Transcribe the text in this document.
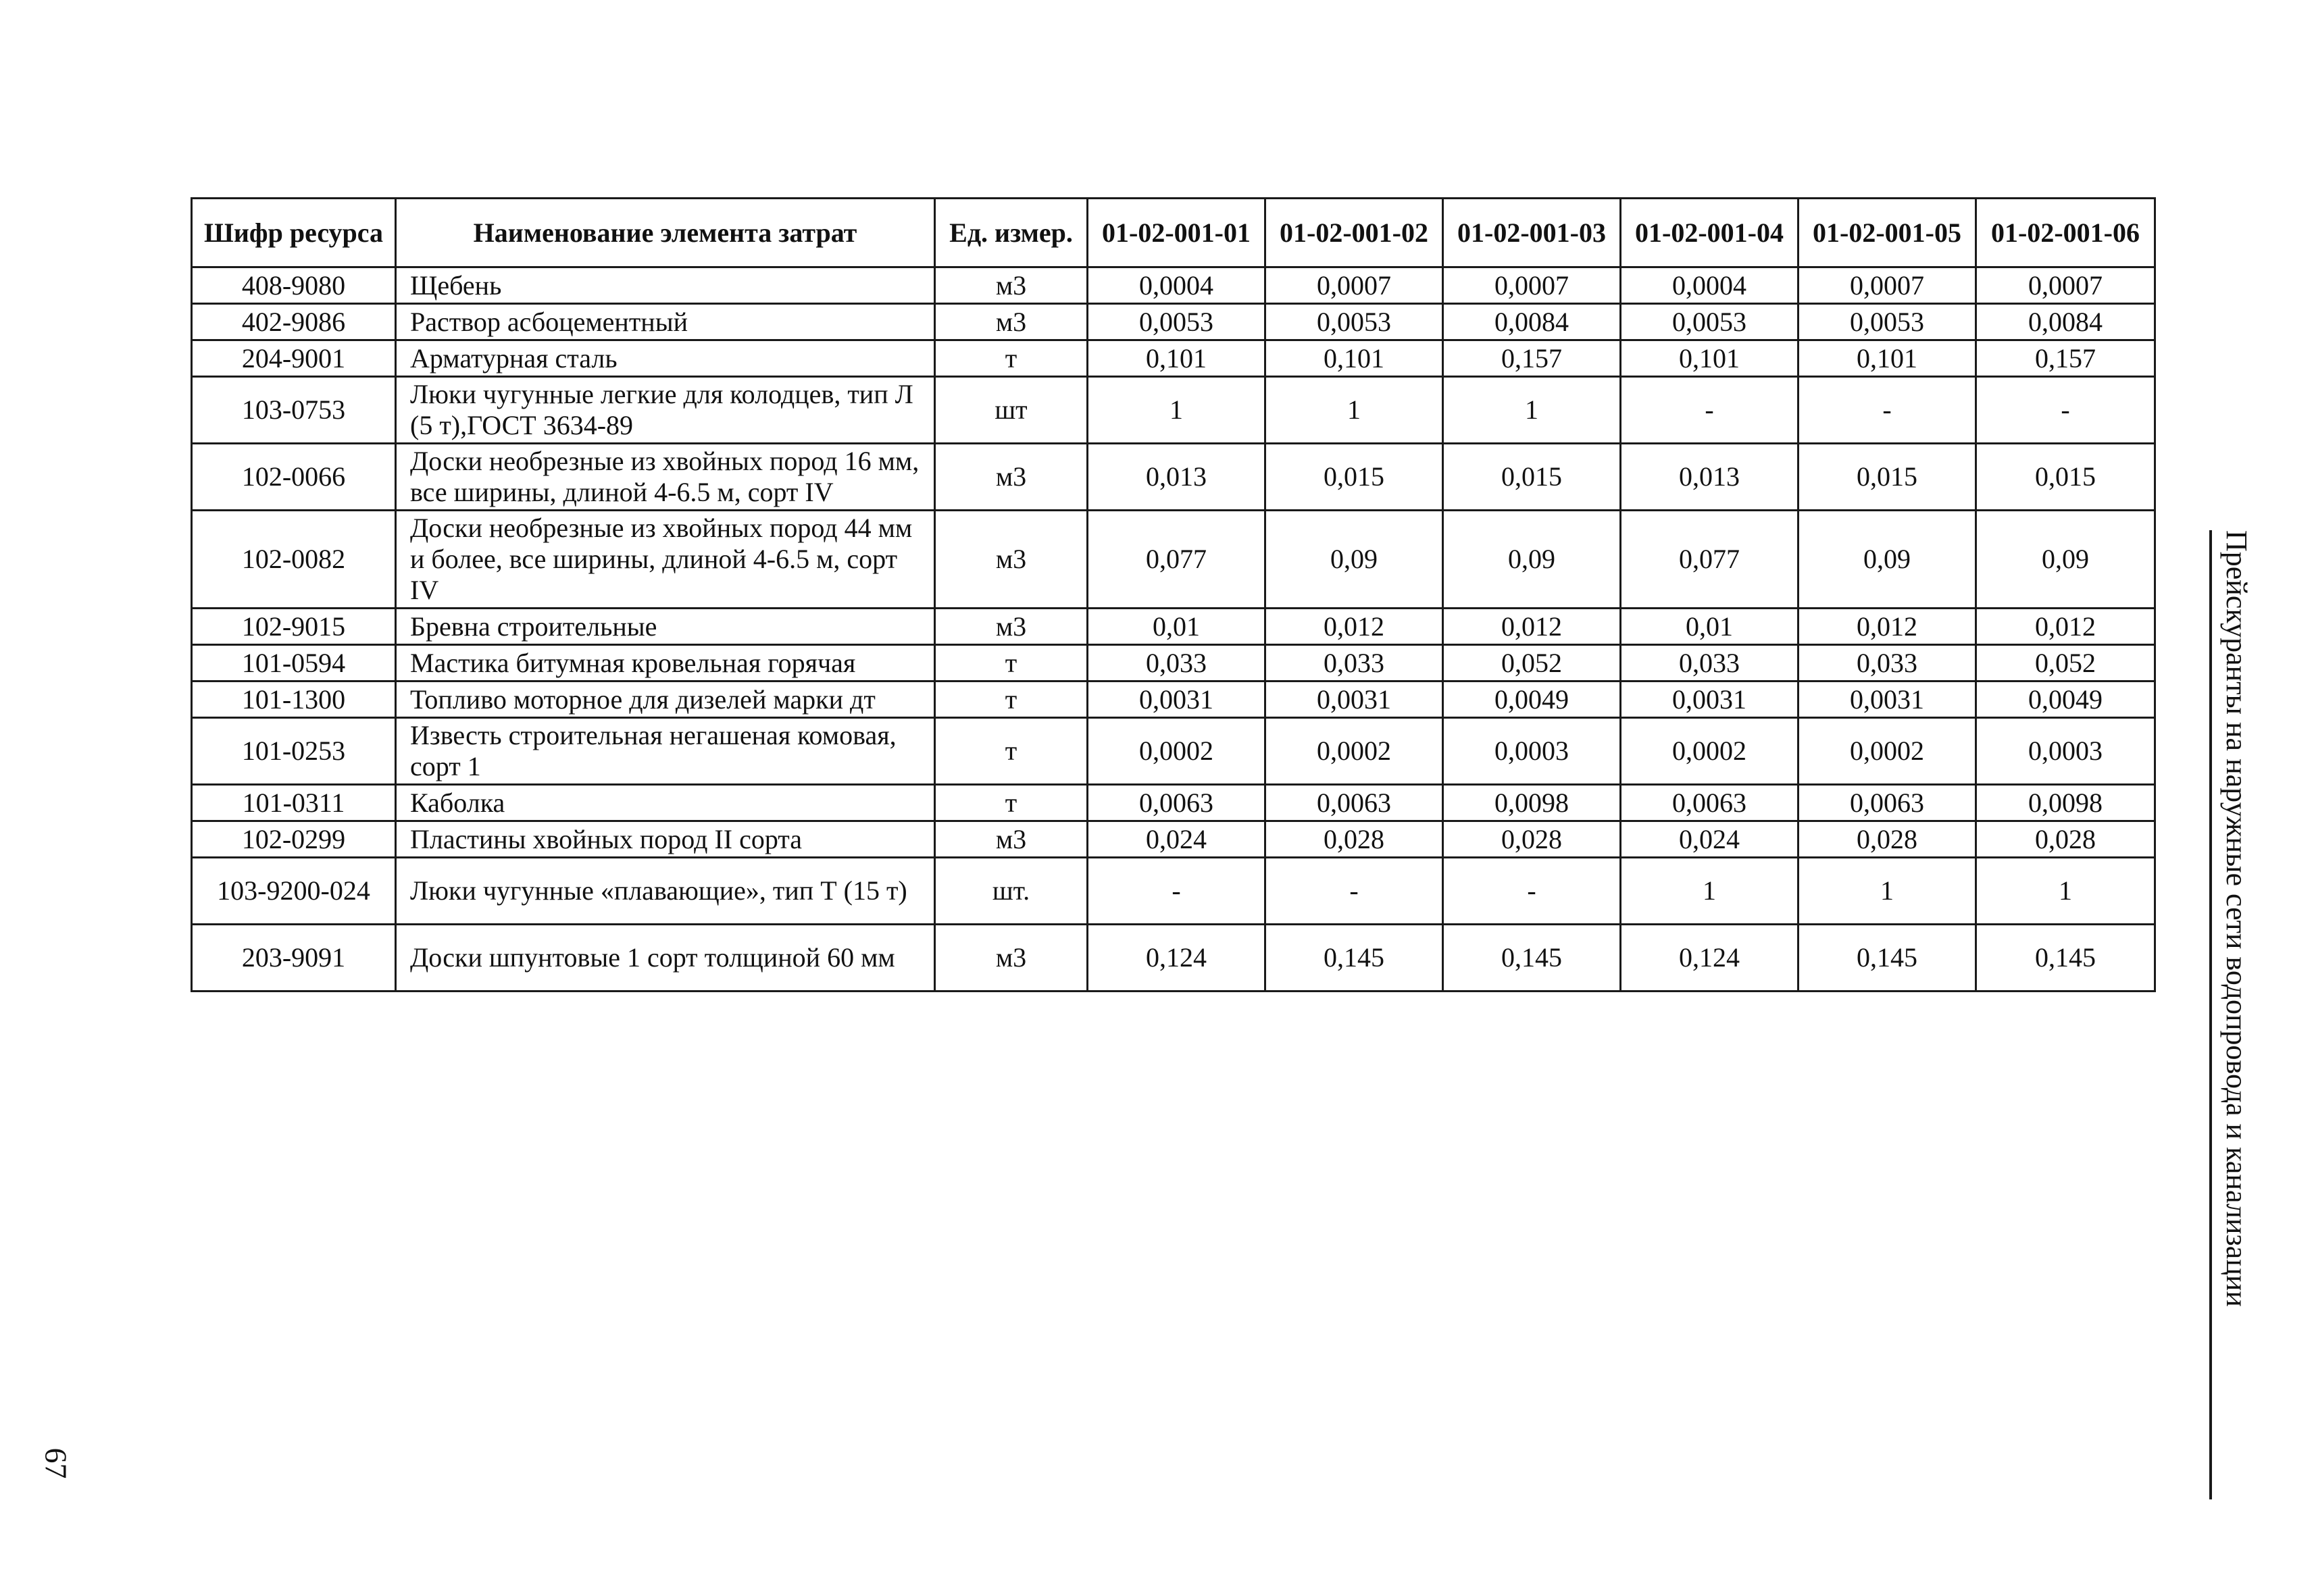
Шифр ресурса	Наименование элемента затрат	Ед. измер.	01-02-001-01	01-02-001-02	01-02-001-03	01-02-001-04	01-02-001-05	01-02-001-06
408-9080	Щебень	м3	0,0004	0,0007	0,0007	0,0004	0,0007	0,0007
402-9086	Раствор асбоцементный	м3	0,0053	0,0053	0,0084	0,0053	0,0053	0,0084
204-9001	Арматурная сталь	т	0,101	0,101	0,157	0,101	0,101	0,157
103-0753	Люки чугунные легкие для колодцев, тип Л (5 т),ГОСТ 3634-89	шт	1	1	1	-	-	-
102-0066	Доски необрезные из хвойных пород 16 мм, все ширины, длиной 4-6.5 м, сорт IV	м3	0,013	0,015	0,015	0,013	0,015	0,015
102-0082	Доски необрезные из хвойных пород 44 мм и более, все ширины, длиной 4-6.5 м, сорт IV	м3	0,077	0,09	0,09	0,077	0,09	0,09
102-9015	Бревна строительные	м3	0,01	0,012	0,012	0,01	0,012	0,012
101-0594	Мастика битумная кровельная горячая	т	0,033	0,033	0,052	0,033	0,033	0,052
101-1300	Топливо моторное для дизелей марки дт	т	0,0031	0,0031	0,0049	0,0031	0,0031	0,0049
101-0253	Известь строительная негашеная комовая, сорт 1	т	0,0002	0,0002	0,0003	0,0002	0,0002	0,0003
101-0311	Каболка	т	0,0063	0,0063	0,0098	0,0063	0,0063	0,0098
102-0299	Пластины хвойных пород II сорта	м3	0,024	0,028	0,028	0,024	0,028	0,028
103-9200-024	Люки чугунные «плавающие», тип Т (15 т)	шт.	-	-	-	1	1	1
203-9091	Доски шпунтовые 1 сорт толщиной 60 мм	м3	0,124	0,145	0,145	0,124	0,145	0,145	Прейскуранты на наружные сети водопровода и канализации
67
